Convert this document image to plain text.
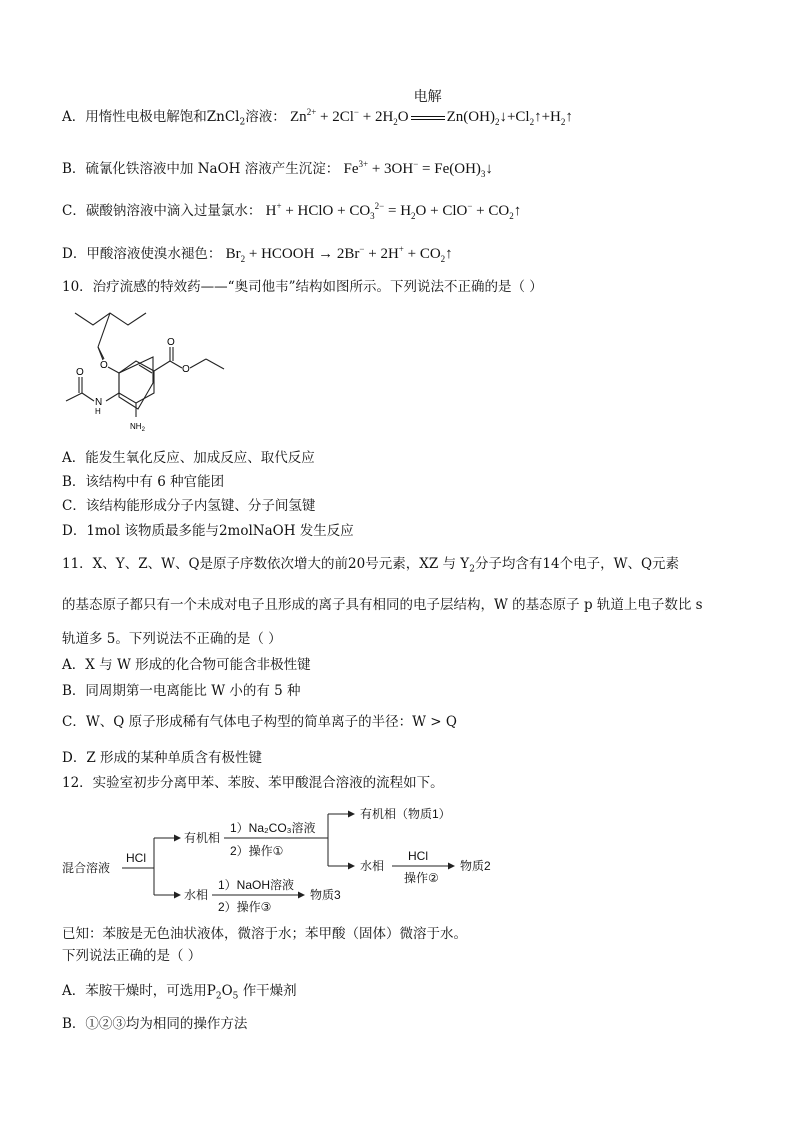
A．用惰性电极电解饱和ZnCl$_2$溶液： $Zn^{2+} + 2Cl^- + 2H_2O$
电解
$Zn(OH)_2↓+Cl_2↑+H_2↑$
B．硫氰化铁溶液中加 NaOH 溶液产生沉淀： $Fe^{3+} + 3OH^-$ = $Fe(OH)_3↓$
C．碳酸钠溶液中滴入过量氯水： H+ + HClO + $CO_3^{2-} = H_2O + ClO^-$ + $CO_2↑$
D．甲酸溶液使溴水褪色： $Br_2$ + HCOOH → $2Br^- + 2H^+ + CO_2↑$
10．治疗流感的特效药——“奥司他韦”结构如图所示。下列说法不正确的是（ ）
O
O
O
O
N
H
$NH_2$
A．能发生氧化反应、加成反应、取代反应
B．该结构中有 6 种官能团
C．该结构能形成分子内氢键、分子间氢键
D．1mol 该物质最多能与2molNaOH 发生反应
11．X、Y、Z、W、Q是原子序数依次增大的前20号元素，XZ 与 $Y_2$分子均含有14个电子，W、Q元素
的基态原子都只有一个未成对电子且形成的离子具有相同的电子层结构，W 的基态原子 p 轨道上电子数比 s
轨道多 5。下列说法不正确的是（ ）
A．X 与 W 形成的化合物可能含非极性键
B．同周期第一电离能比 W 小的有 5 种
C．W、Q 原子形成稀有气体电子构型的简单离子的半径：W > Q
D．Z 形成的某种单质含有极性键
12．实验室初步分离甲苯、苯胺、苯甲酸混合溶液的流程如下。
混合溶液
HCl
有机相
水相
1）Na₂CO₃溶液
2）操作①
有机相（物质1）
水相
HCl
操作②
物质2
1）NaOH溶液
2）操作③
物质3
已知：苯胺是无色油状液体，微溶于水；苯甲酸（固体）微溶于水。
下列说法正确的是（ ）
A．苯胺干燥时，可选用$P_2O_5$ 作干燥剂
B．①②③均为相同的操作方法
